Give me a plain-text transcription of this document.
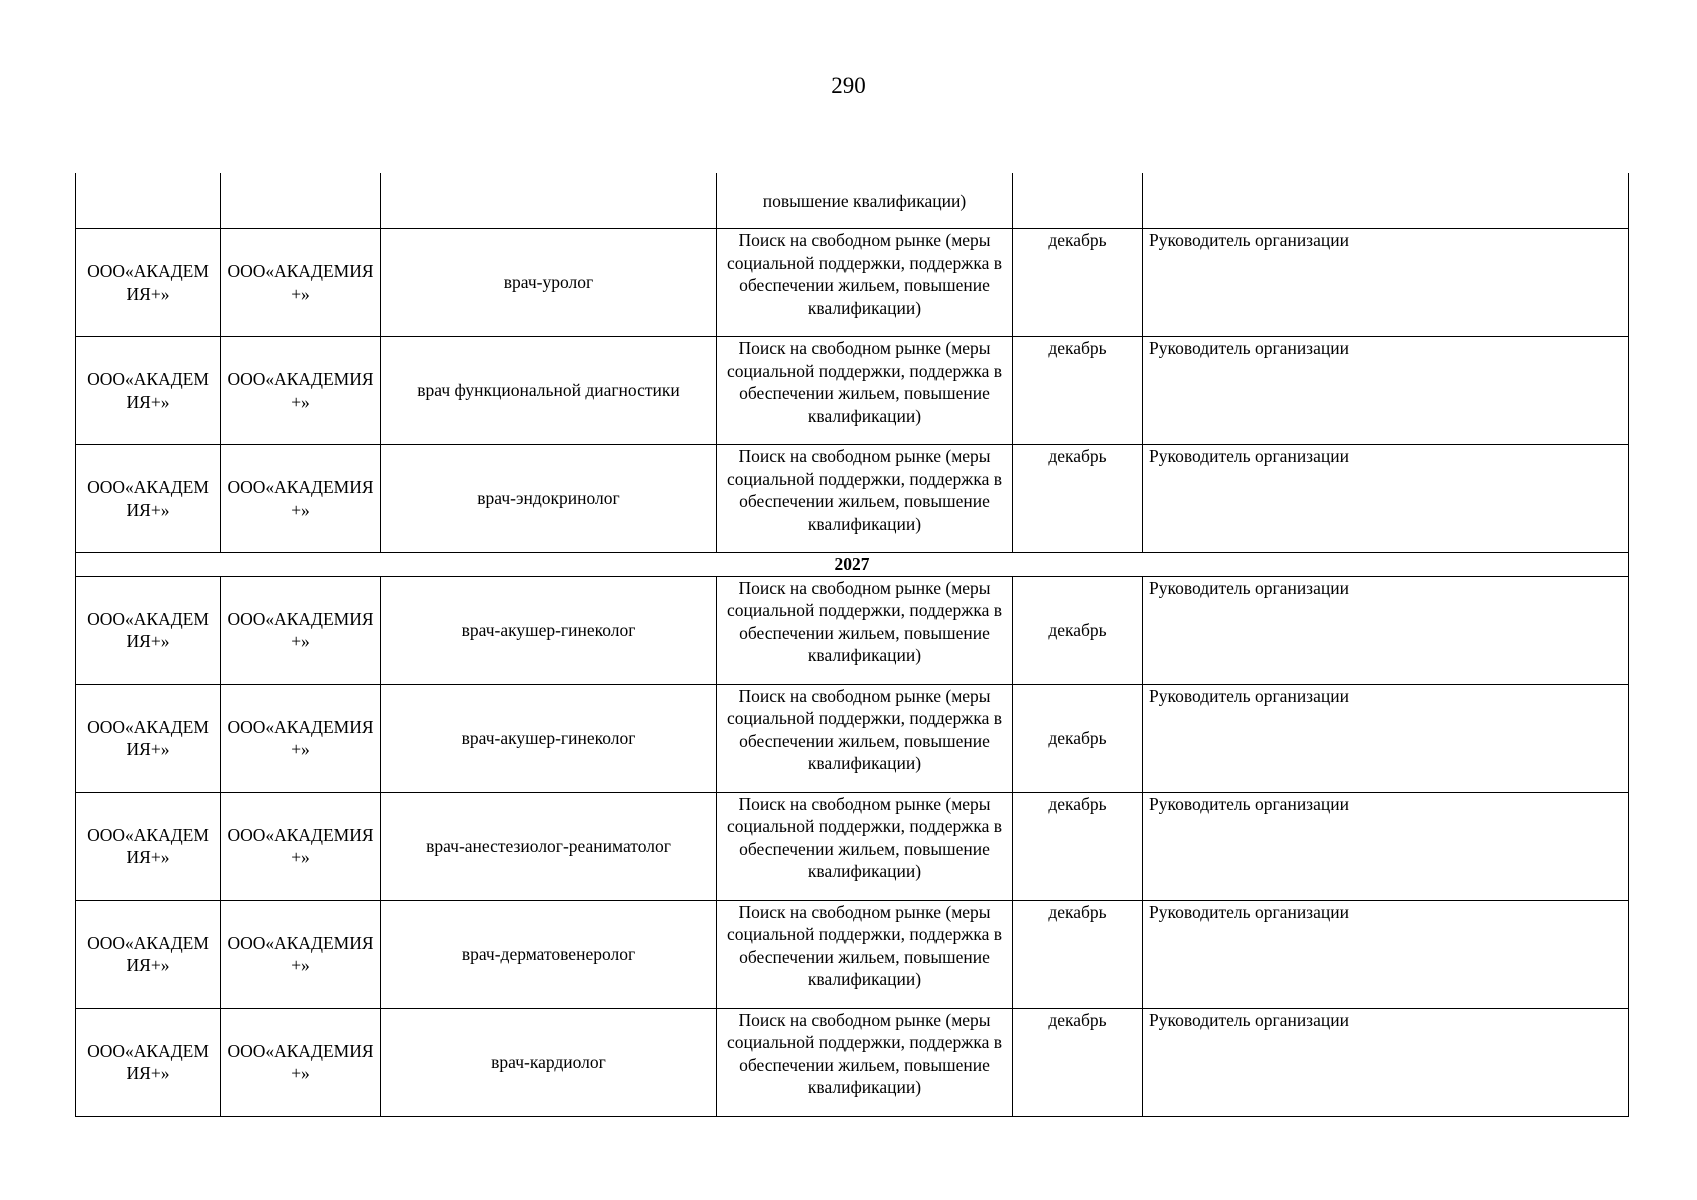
290
			повышение квалификации)		
ООО«АКАДЕМИЯ+»	ООО«АКАДЕМИЯ+»	врач-уролог	Поиск на свободном рынке (меры социальной поддержки, поддержка в обеспечении жильем, повышение квалификации)	декабрь	Руководитель организации
ООО«АКАДЕМИЯ+»	ООО«АКАДЕМИЯ+»	врач функциональной диагностики	Поиск на свободном рынке (меры социальной поддержки, поддержка в обеспечении жильем, повышение квалификации)	декабрь	Руководитель организации
ООО«АКАДЕМИЯ+»	ООО«АКАДЕМИЯ+»	врач-эндокринолог	Поиск на свободном рынке (меры социальной поддержки, поддержка в обеспечении жильем, повышение квалификации)	декабрь	Руководитель организации
2027					
ООО«АКАДЕМИЯ+»	ООО«АКАДЕМИЯ+»	врач-акушер-гинеколог	Поиск на свободном рынке (меры социальной поддержки, поддержка в обеспечении жильем, повышение квалификации)	декабрь	Руководитель организации
ООО«АКАДЕМИЯ+»	ООО«АКАДЕМИЯ+»	врач-акушер-гинеколог	Поиск на свободном рынке (меры социальной поддержки, поддержка в обеспечении жильем, повышение квалификации)	декабрь	Руководитель организации
ООО«АКАДЕМИЯ+»	ООО«АКАДЕМИЯ+»	врач-анестезиолог-реаниматолог	Поиск на свободном рынке (меры социальной поддержки, поддержка в обеспечении жильем, повышение квалификации)	декабрь	Руководитель организации
ООО«АКАДЕМИЯ+»	ООО«АКАДЕМИЯ+»	врач-дерматовенеролог	Поиск на свободном рынке (меры социальной поддержки, поддержка в обеспечении жильем, повышение квалификации)	декабрь	Руководитель организации
ООО«АКАДЕМИЯ+»	ООО«АКАДЕМИЯ+»	врач-кардиолог	Поиск на свободном рынке (меры социальной поддержки, поддержка в обеспечении жильем, повышение квалификации)	декабрь	Руководитель организации
